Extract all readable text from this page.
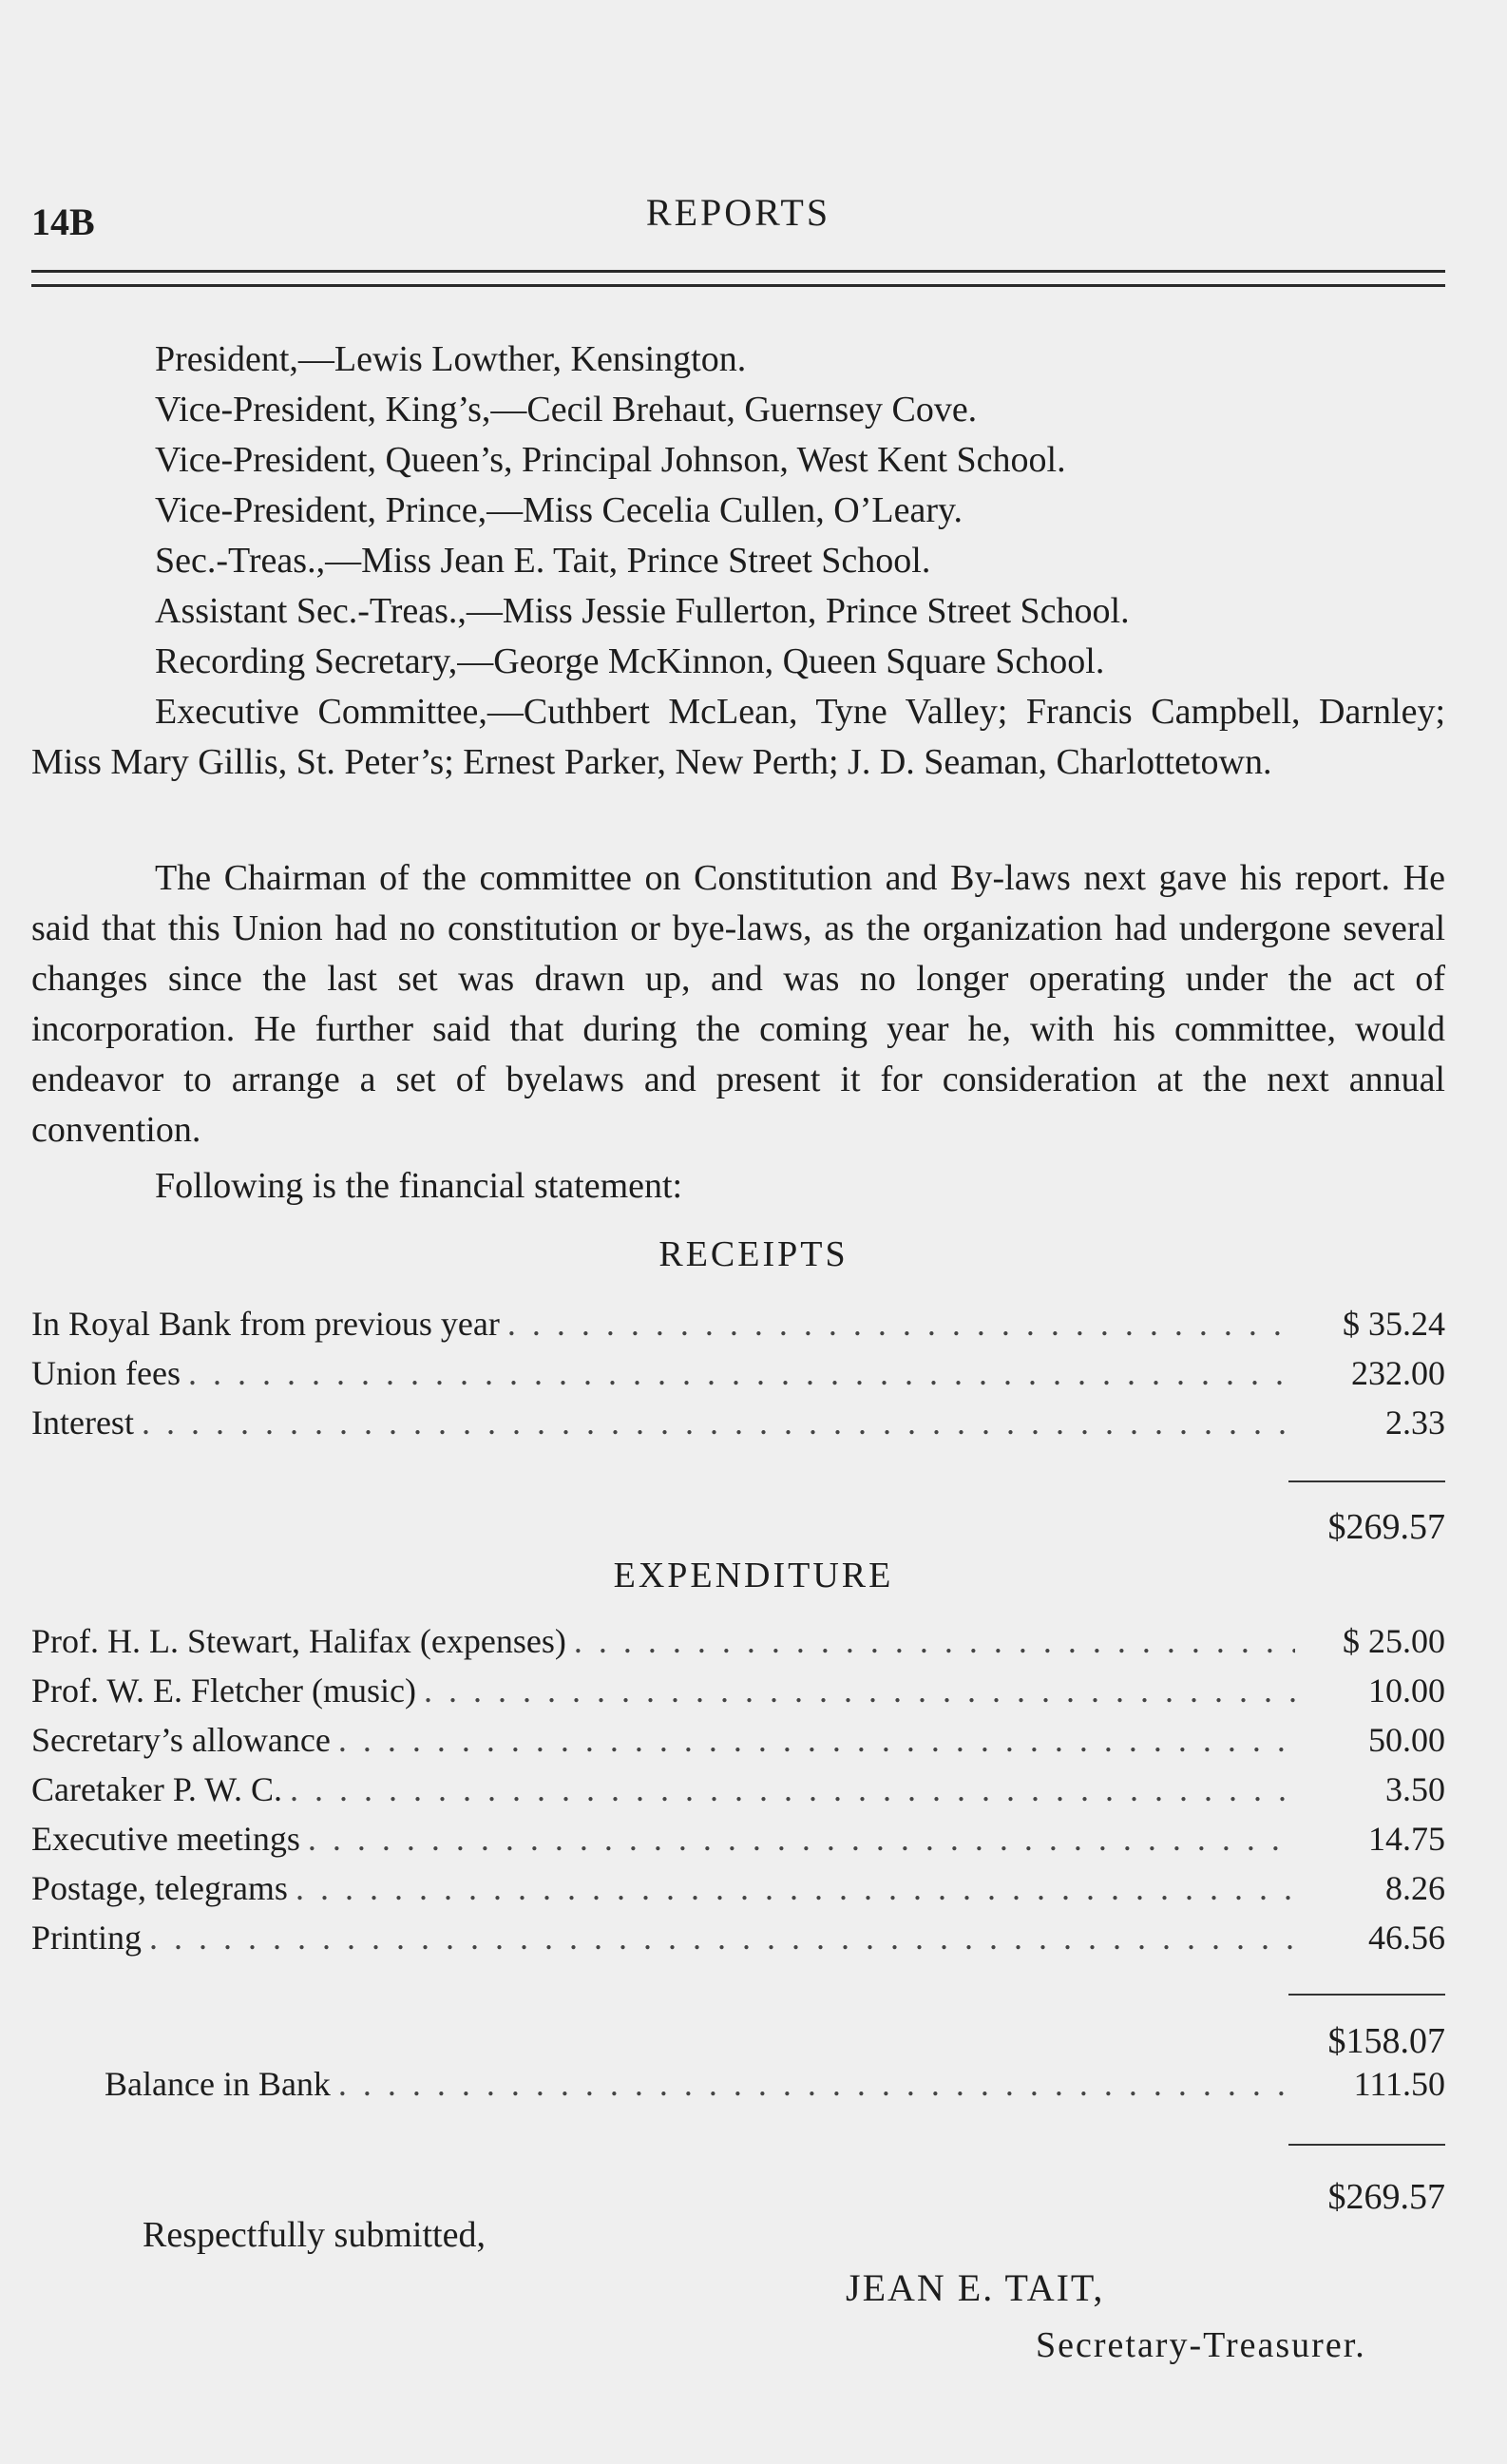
14B	REPORTS

President,—Lewis Lowther, Kensington.

Vice-President, King’s,—Cecil Brehaut, Guernsey Cove.

Vice-President, Queen’s, Principal Johnson, West Kent School.

Vice-President, Prince,—Miss Cecelia Cullen, O’Leary.

Sec.-Treas.,—Miss Jean E. Tait, Prince Street School.

Assistant Sec.-Treas.,—Miss Jessie Fullerton, Prince Street School.

Recording Secretary,—George McKinnon, Queen Square School.

Executive Committee,—Cuthbert McLean, Tyne Valley; Francis Campbell, Darnley; Miss Mary Gillis, St. Peter’s; Ernest Parker, New Perth; J. D. Seaman, Charlottetown.

The Chairman of the committee on Constitution and By-laws next gave his report. He said that this Union had no constitution or bye-laws, as the organization had undergone several changes since the last set was drawn up, and was no longer operating under the act of incorporation. He further said that during the coming year he, with his committee, would endeavor to arrange a set of byelaws and present it for consideration at the next annual convention.

Following is the financial statement:

RECEIPTS
In Royal Bank from previous year . . .	$ 35.24
Union fees . . .	232.00
Interest . . .	2.33
$269.57
EXPENDITURE
Prof. H. L. Stewart, Halifax (expenses) . . .	$ 25.00
Prof. W. E. Fletcher (music) . . .	10.00
Secretary’s allowance . . .	50.00
Caretaker P. W. C. . . .	3.50
Executive meetings . . .	14.75
Postage, telegrams . . .	8.26
Printing . . .	46.56
$158.07
Balance in Bank . . .	111.50
$269.57
Respectfully submitted,
JEAN E. TAIT,
Secretary-Treasurer.
